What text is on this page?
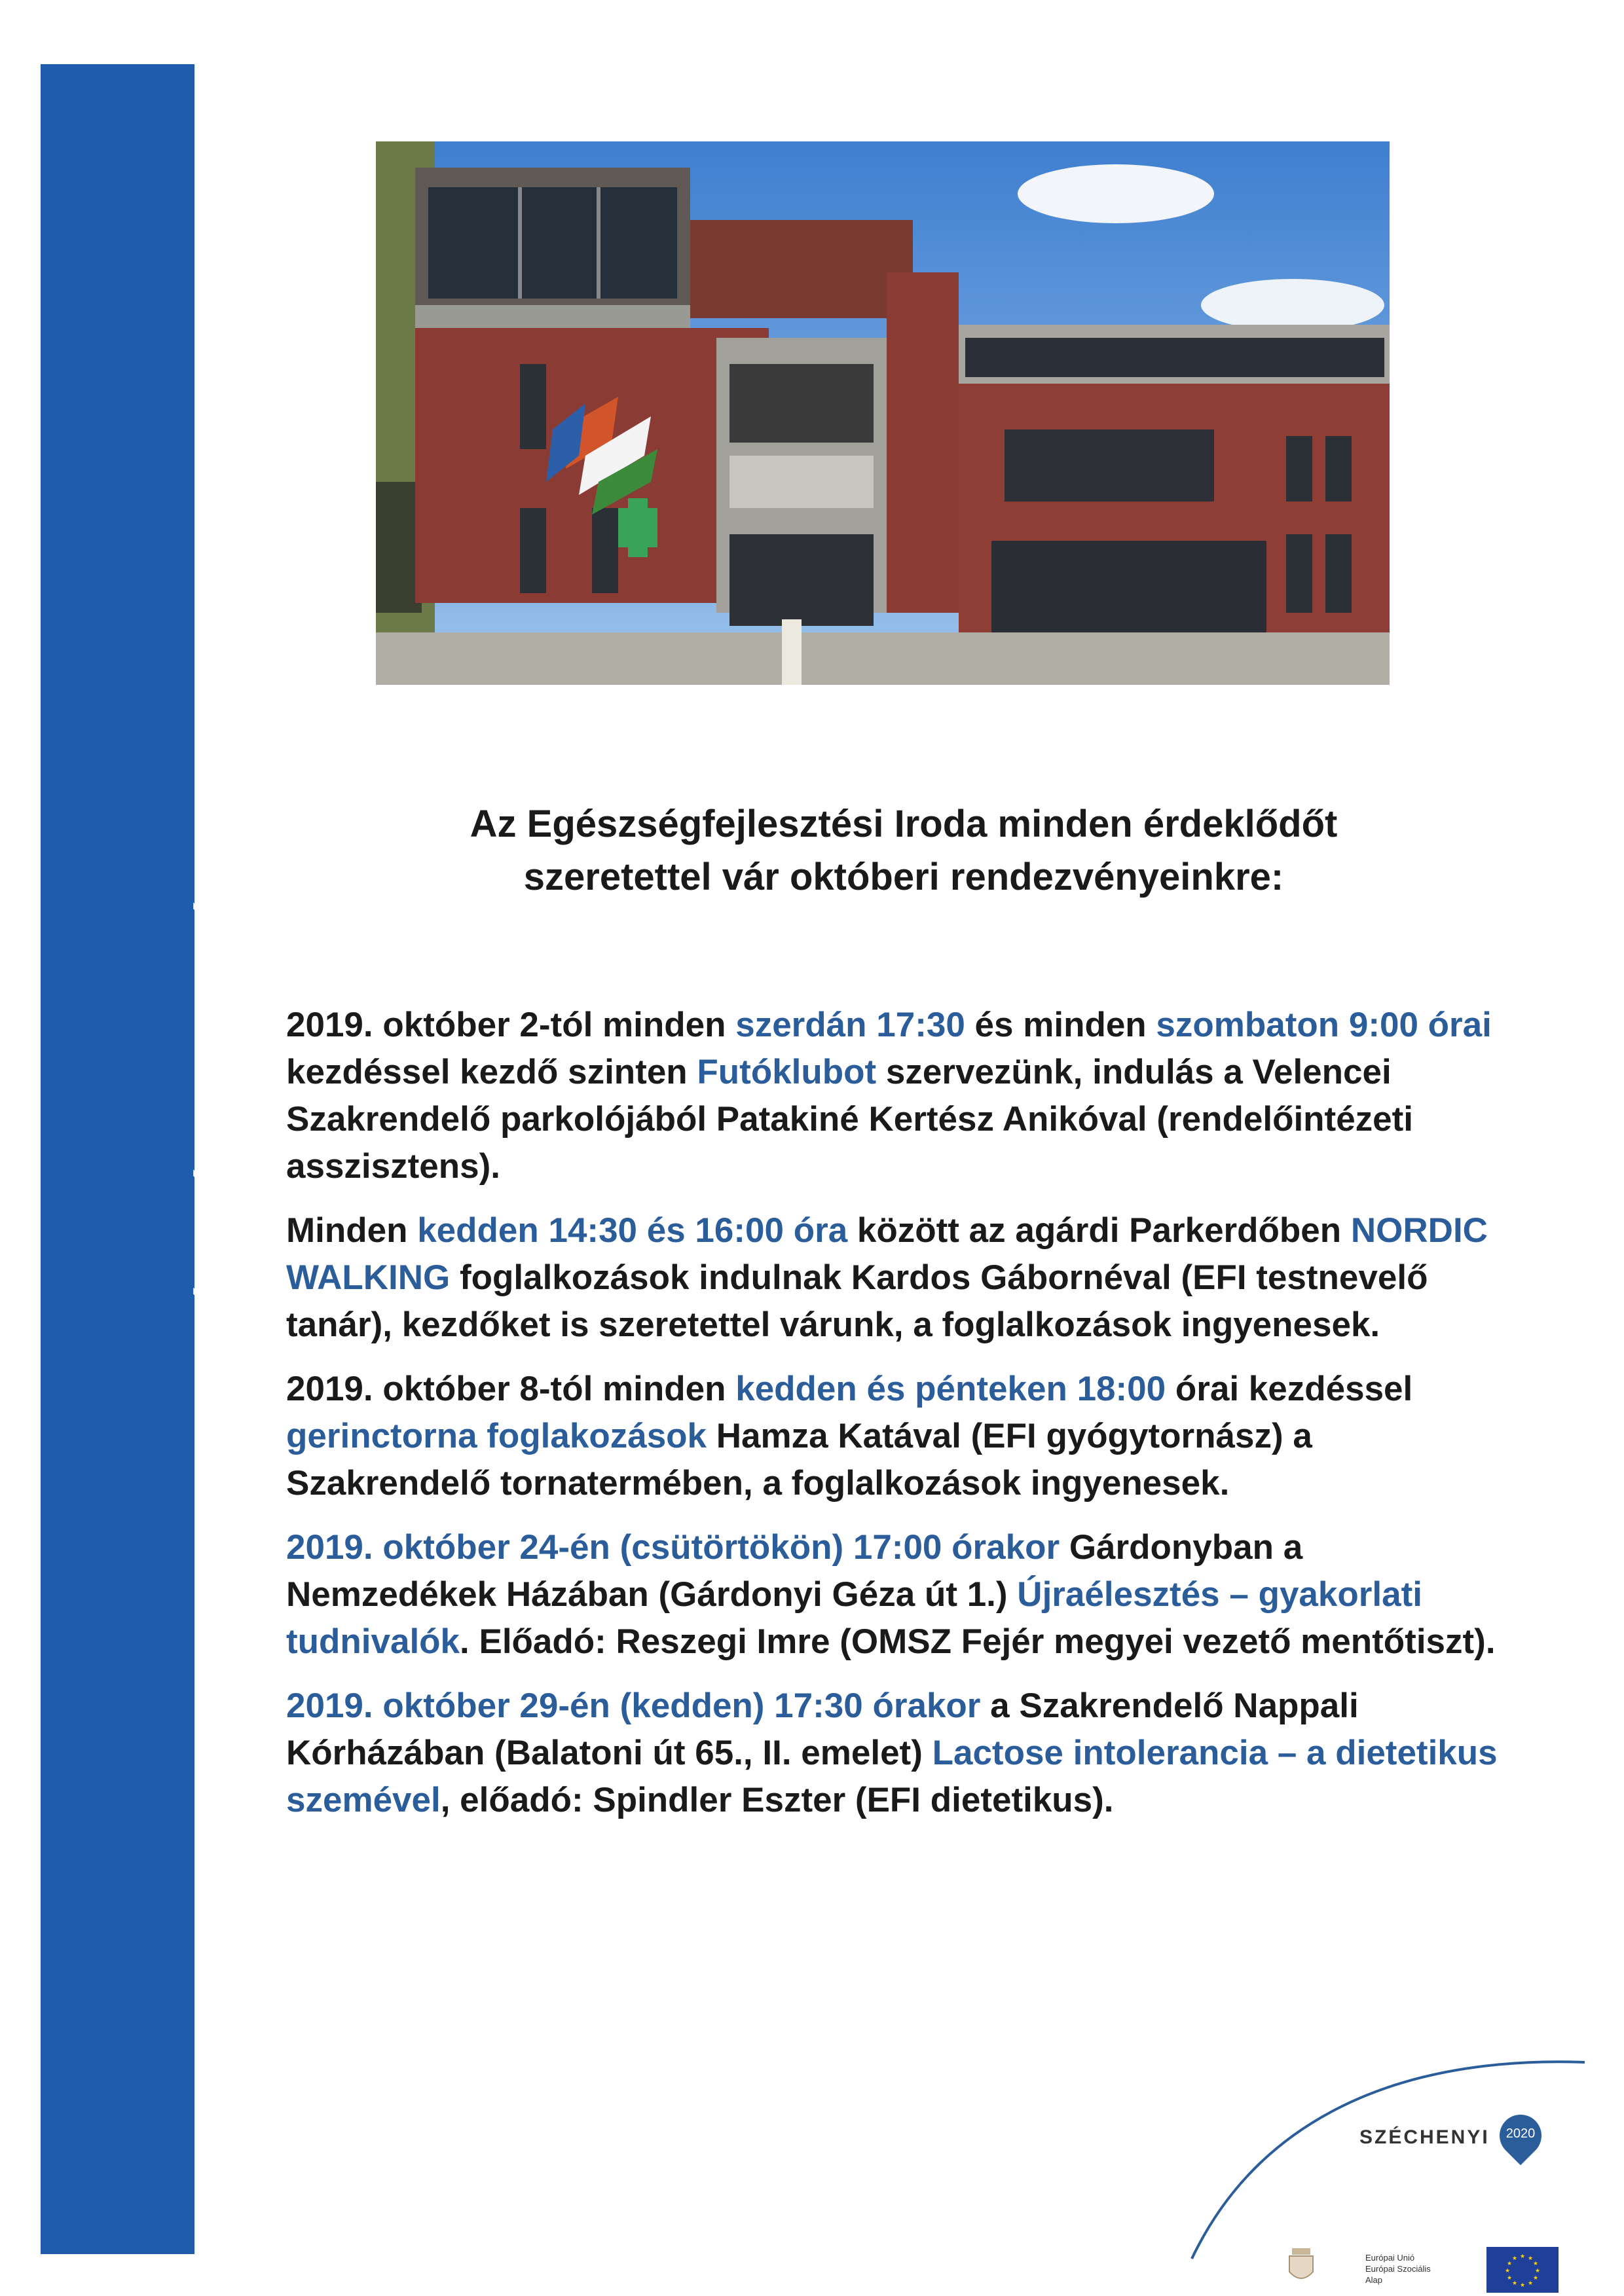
Velencei Egészségfejlesztési Iroda Velence, Balatoni út 65. Tel: 22/589-515
Az Egészségfejlesztési Iroda minden érdeklődőt
szeretettel vár októberi rendezvényeinkre:

2019. október 2-tól minden szerdán 17:30 és minden szombaton 9:00 órai kezdéssel kezdő szinten Futóklubot szervezünk, indulás a Velencei Szakrendelő parkolójából Patakiné Kertész Anikóval (rendelőintézeti asszisztens).

Minden kedden 14:30 és 16:00 óra között az agárdi Parkerdőben NORDIC WALKING foglalkozások indulnak Kardos Gábornéval (EFI testnevelő tanár), kezdőket is szeretettel várunk, a foglalkozások ingyenesek.

2019. október 8-tól minden kedden és pénteken 18:00 órai kezdéssel gerinctorna foglakozások Hamza Katával (EFI gyógytornász) a Szakrendelő tornatermében, a foglalkozások ingyenesek.

2019. október 24-én (csütörtökön) 17:00 órakor Gárdonyban a Nemzedékek Házában (Gárdonyi Géza út 1.) Újraélesztés – gyakorlati tudnivalók. Előadó: Reszegi Imre (OMSZ Fejér megyei vezető mentőtiszt).

2019. október 29-én (kedden) 17:30 órakor a Szakrendelő Nappali Kórházában (Balatoni út 65., II. emelet) Lactose intolerancia – a dietetikus szemével, előadó: Spindler Eszter (EFI dietetikus).

SZÉCHENYI	2020
Európai Unió
Európai Szociális
Alap
★ ★
★
★
★
★
★
★
★
★
★
★
